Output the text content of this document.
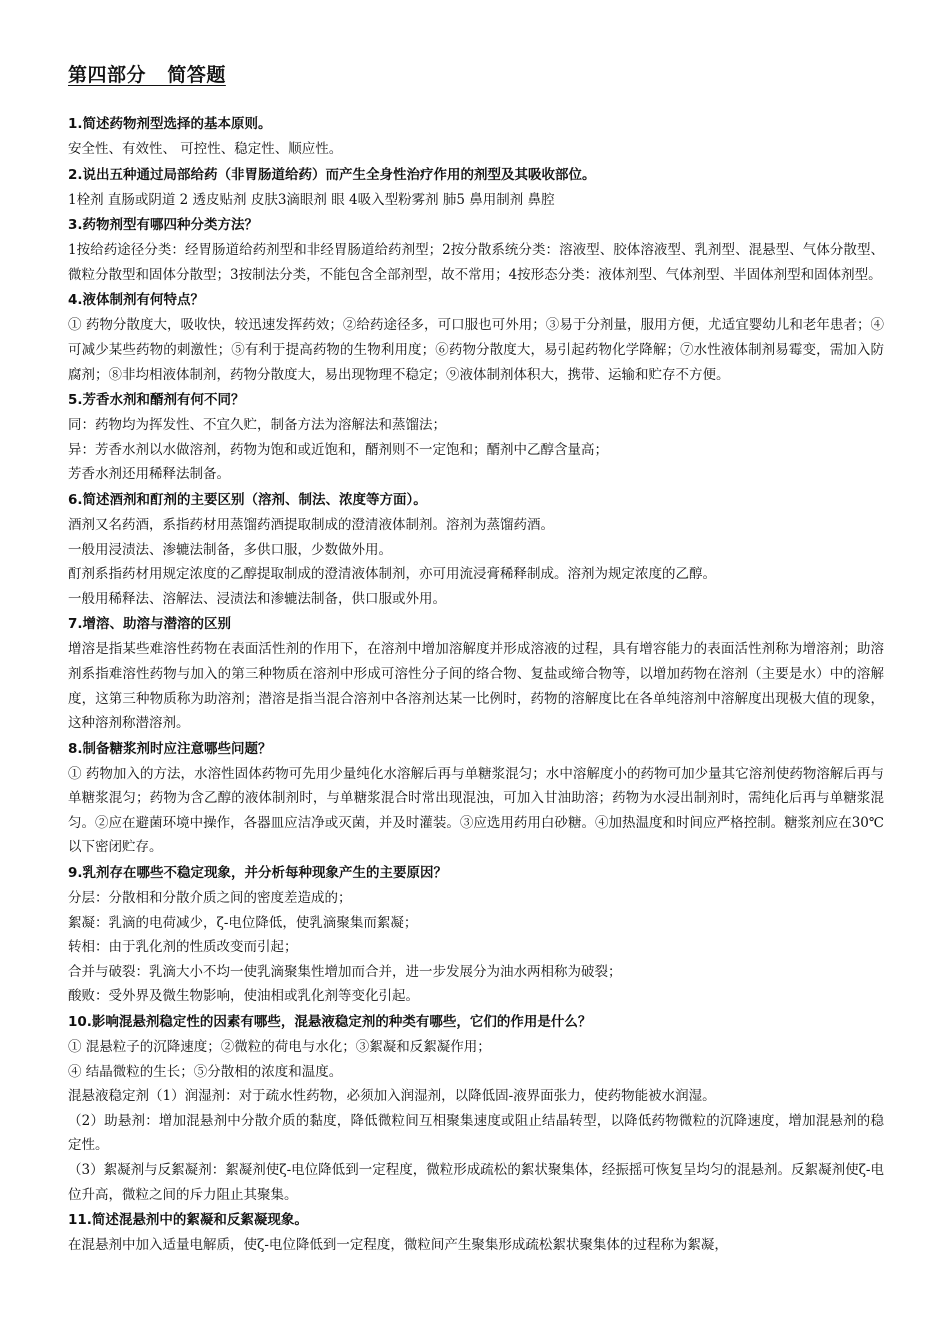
第四部分   简答题

1.简述药物剂型选择的基本原则。

安全性、有效性、 可控性、稳定性、顺应性。

2.说出五种通过局部给药（非胃肠道给药）而产生全身性治疗作用的剂型及其吸收部位。

1栓剂 直肠或阴道 2 透皮贴剂 皮肤3滴眼剂 眼 4吸入型粉雾剂 肺5 鼻用制剂 鼻腔

3.药物剂型有哪四种分类方法？

1按给药途径分类：经胃肠道给药剂型和非经胃肠道给药剂型；2按分散系统分类：溶液型、胶体溶液型、乳剂型、混悬型、气体分散型、微粒分散型和固体分散型；3按制法分类，不能包含全部剂型，故不常用；4按形态分类：液体剂型、气体剂型、半固体剂型和固体剂型。

4.液体制剂有何特点？

① 药物分散度大，吸收快，较迅速发挥药效；②给药途径多，可口服也可外用；③易于分剂量，服用方便，尤适宜婴幼儿和老年患者；④可减少某些药物的刺激性；⑤有利于提高药物的生物利用度；⑥药物分散度大，易引起药物化学降解；⑦水性液体制剂易霉变，需加入防腐剂；⑧非均相液体制剂，药物分散度大，易出现物理不稳定；⑨液体制剂体积大，携带、运输和贮存不方便。

5.芳香水剂和醑剂有何不同？

同：药物均为挥发性、不宜久贮，制备方法为溶解法和蒸馏法；

异：芳香水剂以水做溶剂，药物为饱和或近饱和，醑剂则不一定饱和；醑剂中乙醇含量高；

芳香水剂还用稀释法制备。

6.简述酒剂和酊剂的主要区别（溶剂、制法、浓度等方面）。

酒剂又名药酒，系指药材用蒸馏药酒提取制成的澄清液体制剂。溶剂为蒸馏药酒。

一般用浸渍法、渗辘法制备，多供口服，少数做外用。

酊剂系指药材用规定浓度的乙醇提取制成的澄清液体制剂，亦可用流浸膏稀释制成。溶剂为规定浓度的乙醇。

一般用稀释法、溶解法、浸渍法和渗辘法制备，供口服或外用。

7.增溶、助溶与潜溶的区别

增溶是指某些难溶性药物在表面活性剂的作用下，在溶剂中增加溶解度并形成溶液的过程，具有增容能力的表面活性剂称为增溶剂；助溶剂系指难溶性药物与加入的第三种物质在溶剂中形成可溶性分子间的络合物、复盐或缔合物等，以增加药物在溶剂（主要是水）中的溶解度，这第三种物质称为助溶剂；潜溶是指当混合溶剂中各溶剂达某一比例时，药物的溶解度比在各单纯溶剂中溶解度出现极大值的现象，这种溶剂称潜溶剂。

8.制备糖浆剂时应注意哪些问题？

① 药物加入的方法，水溶性固体药物可先用少量纯化水溶解后再与单糖浆混匀；水中溶解度小的药物可加少量其它溶剂使药物溶解后再与单糖浆混匀；药物为含乙醇的液体制剂时，与单糖浆混合时常出现混浊，可加入甘油助溶；药物为水浸出制剂时，需纯化后再与单糖浆混匀。②应在避菌环境中操作，各器皿应洁净或灭菌，并及时灌装。③应选用药用白砂糖。④加热温度和时间应严格控制。糖浆剂应在30℃以下密闭贮存。

9.乳剂存在哪些不稳定现象，并分析每种现象产生的主要原因？

分层：分散相和分散介质之间的密度差造成的；

絮凝：乳滴的电荷减少，ζ-电位降低，使乳滴聚集而絮凝；

转相：由于乳化剂的性质改变而引起；

合并与破裂：乳滴大小不均一使乳滴聚集性增加而合并，进一步发展分为油水两相称为破裂；

酸败：受外界及微生物影响，使油相或乳化剂等变化引起。

10.影响混悬剂稳定性的因素有哪些，混悬液稳定剂的种类有哪些，它们的作用是什么？

① 混悬粒子的沉降速度；②微粒的荷电与水化；③絮凝和反絮凝作用；

④ 结晶微粒的生长；⑤分散相的浓度和温度。

混悬液稳定剂（1）润湿剂：对于疏水性药物，必须加入润湿剂，以降低固-液界面张力，使药物能被水润湿。

（2）助悬剂：增加混悬剂中分散介质的黏度，降低微粒间互相聚集速度或阻止结晶转型，以降低药物微粒的沉降速度，增加混悬剂的稳定性。

（3）絮凝剂与反絮凝剂：絮凝剂使ζ-电位降低到一定程度，微粒形成疏松的絮状聚集体，经振摇可恢复呈均匀的混悬剂。反絮凝剂使ζ-电位升高，微粒之间的斥力阻止其聚集。

11.简述混悬剂中的絮凝和反絮凝现象。

在混悬剂中加入适量电解质，使ζ-电位降低到一定程度，微粒间产生聚集形成疏松絮状聚集体的过程称为絮凝，
